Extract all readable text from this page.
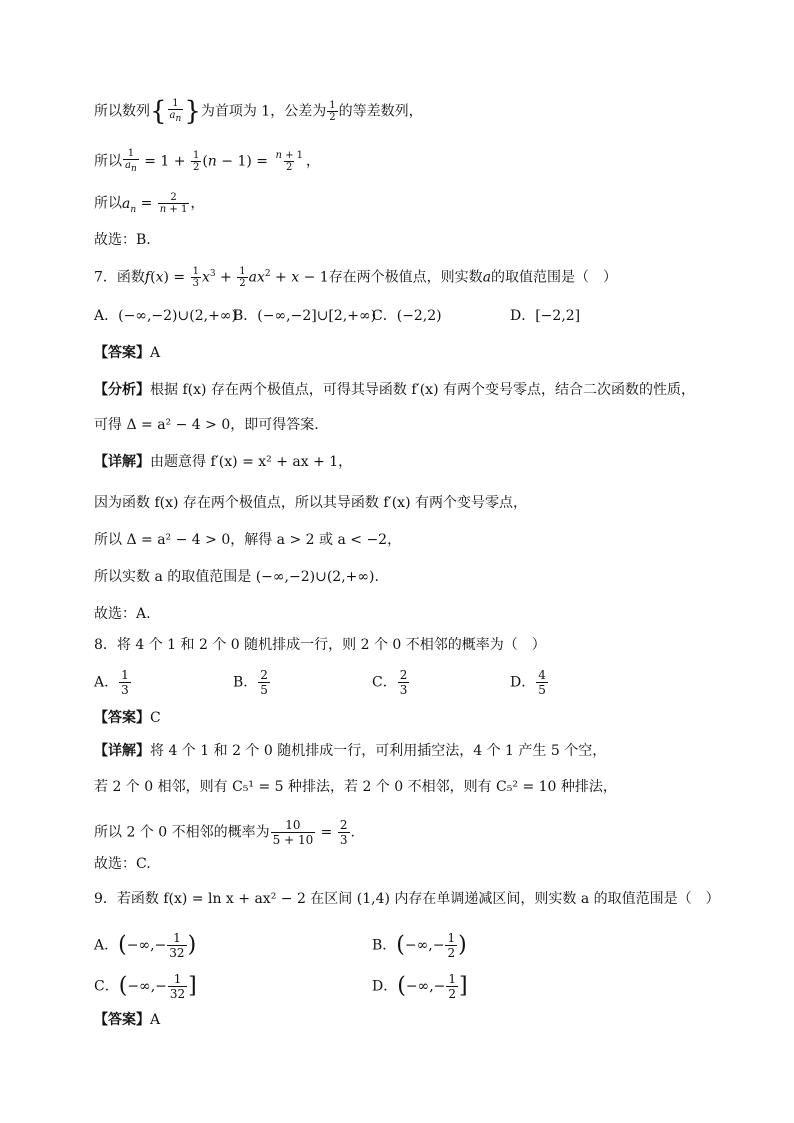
所以数列{ $\frac{1}{a_n}$ }为首项为 1，公差为 $\frac{1}{2}$ 的等差数列，
所以 $\frac{1}{a_n} = 1 + \frac{1}{2} (n - 1) = \frac{n + 1}{2}$ ，
所以$a_n = \frac{2}{n + 1}$ ，
故选：B.
7．函数$f(x) = \frac{1}{3} x^3 + \frac{1}{2} ax^2 + x - 1$存在两个极值点，则实数a的取值范围是（　）
A．(−∞,−2)∪(2,+∞)
B．(−∞,−2]∪[2,+∞)
C．(−2,2)	D．[−2,2]
【答案】A
【分析】根据 f(x) 存在两个极值点，可得其导函数 f′(x) 有两个变号零点，结合二次函数的性质，
可得 Δ = a² − 4 > 0，即可得答案.
【详解】由题意得 f′(x) = x² + ax + 1，
因为函数 f(x) 存在两个极值点，所以其导函数 f′(x) 有两个变号零点，
所以 Δ = a² − 4 > 0，解得 a > 2 或 a < −2，
所以实数 a 的取值范围是 (−∞,−2)∪(2,+∞).
故选：A.
8．将 4 个 1 和 2 个 0 随机排成一行，则 2 个 0 不相邻的概率为（　）
A． $\frac{1}{3}$	B． $\frac{2}{5}$	C． $\frac{2}{3}$	D． $\frac{4}{5}$
【答案】C
【详解】将 4 个 1 和 2 个 0 随机排成一行，可利用插空法，4 个 1 产生 5 个空，
若 2 个 0 相邻，则有 C₅¹ = 5 种排法，若 2 个 0 不相邻，则有 C₅² = 10 种排法，
所以 2 个 0 不相邻的概率为 $\frac{10}{5 + 10} = \frac{2}{3}$ .
故选：C.
9．若函数 f(x) = ln x + ax² − 2 在区间 (1,4) 内存在单调递减区间，则实数 a 的取值范围是（　）
A．(−∞,− $\frac{1}{32}$ )	B．(−∞,− $\frac{1}{2}$ )
C．(−∞,− $\frac{1}{32}$ ]	D．(−∞,− $\frac{1}{2}$ ]
【答案】A
